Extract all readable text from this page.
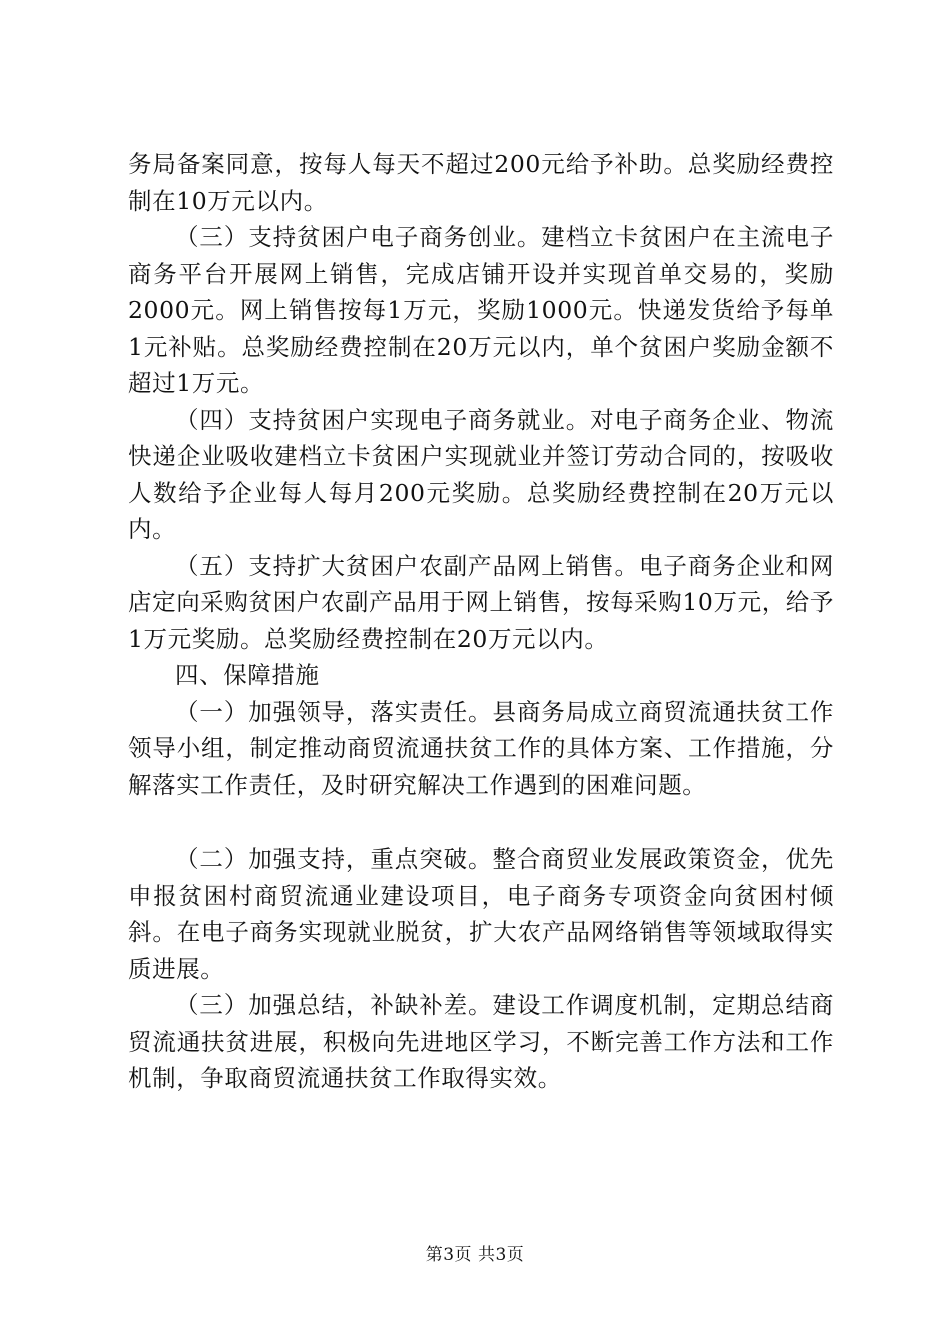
务局备案同意，按每人每天不超过200元给予补助。总奖励经费控制在10万元以内。

（三）支持贫困户电子商务创业。建档立卡贫困户在主流电子商务平台开展网上销售，完成店铺开设并实现首单交易的，奖励2000元。网上销售按每1万元，奖励1000元。快递发货给予每单1元补贴。总奖励经费控制在20万元以内，单个贫困户奖励金额不超过1万元。

（四）支持贫困户实现电子商务就业。对电子商务企业、物流快递企业吸收建档立卡贫困户实现就业并签订劳动合同的，按吸收人数给予企业每人每月200元奖励。总奖励经费控制在20万元以内。

（五）支持扩大贫困户农副产品网上销售。电子商务企业和网店定向采购贫困户农副产品用于网上销售，按每采购10万元，给予1万元奖励。总奖励经费控制在20万元以内。

四、保障措施

（一）加强领导，落实责任。县商务局成立商贸流通扶贫工作领导小组，制定推动商贸流通扶贫工作的具体方案、工作措施，分解落实工作责任，及时研究解决工作遇到的困难问题。

（二）加强支持，重点突破。整合商贸业发展政策资金，优先申报贫困村商贸流通业建设项目，电子商务专项资金向贫困村倾斜。在电子商务实现就业脱贫，扩大农产品网络销售等领域取得实质进展。

（三）加强总结，补缺补差。建设工作调度机制，定期总结商贸流通扶贫进展，积极向先进地区学习，不断完善工作方法和工作机制，争取商贸流通扶贫工作取得实效。

第3页 共3页
